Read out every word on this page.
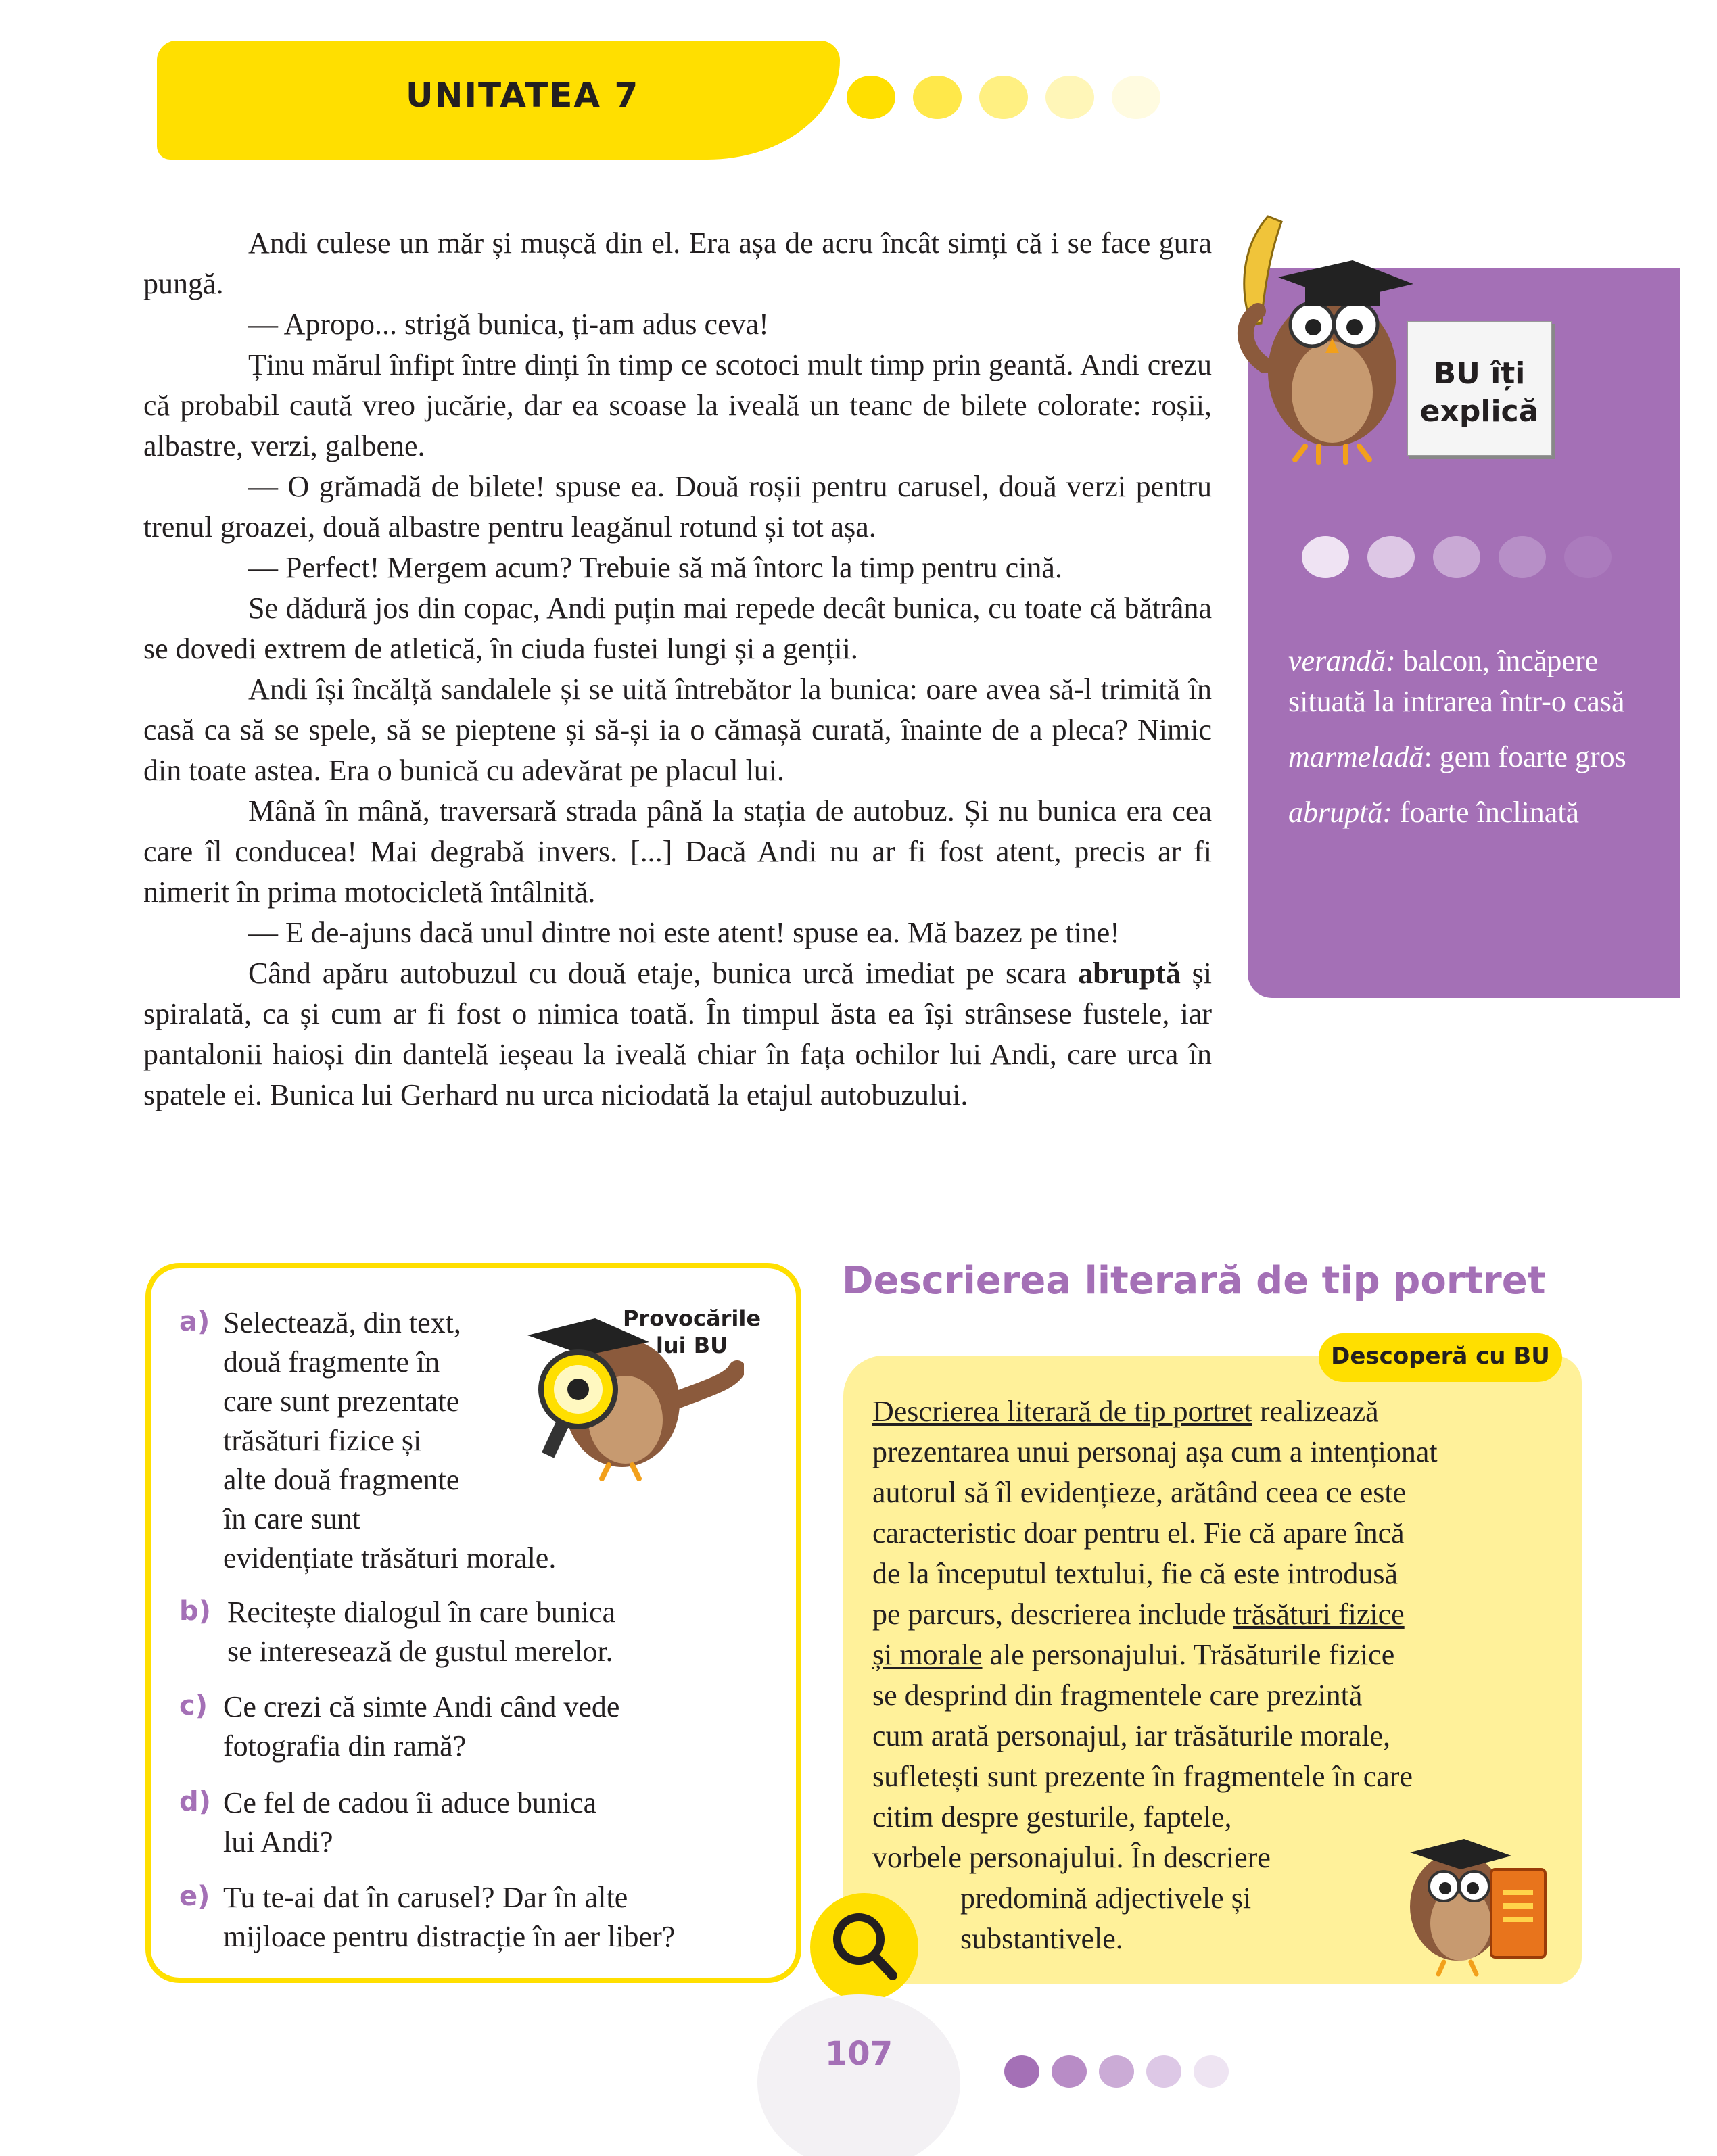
UNITATEA 7

Andi culese un măr și mușcă din el. Era așa de acru încât simți că i se face gura pungă.

— Apropo... strigă bunica, ți-am adus ceva!

Ținu mărul înfipt între dinți în timp ce scotoci mult timp prin geantă. Andi crezu că probabil caută vreo jucărie, dar ea scoase la iveală un teanc de bilete colorate: roșii, albastre, verzi, galbene.

— O grămadă de bilete! spuse ea. Două roșii pentru carusel, două verzi pentru trenul groazei, două albastre pentru leagănul rotund și tot așa.

— Perfect! Mergem acum? Trebuie să mă întorc la timp pentru cină.

Se dădură jos din copac, Andi puțin mai repede decât bunica, cu toate că bătrâna se dovedi extrem de atletică, în ciuda fustei lungi și a genții.

Andi își încălță sandalele și se uită întrebător la bunica: oare avea să-l trimită în casă ca să se spele, să se pieptene și să-și ia o cămașă curată, înainte de a pleca? Nimic din toate astea. Era o bunică cu adevărat pe placul lui.

Mână în mână, traversară strada până la stația de autobuz. Și nu bunica era cea care îl conducea! Mai degrabă invers. [...] Dacă Andi nu ar fi fost atent, precis ar fi nimerit în prima motocicletă întâlnită.

— E de-ajuns dacă unul dintre noi este atent! spuse ea. Mă bazez pe tine!

Când apăru autobuzul cu două etaje, bunica urcă imediat pe scara abruptă și spiralată, ca și cum ar fi fost o nimica toată. În timpul ăsta ea își strânsese fustele, iar pantalonii haioși din dantelă ieșeau la iveală chiar în fața ochilor lui Andi, care urca în spatele ei. Bunica lui Gerhard nu urca niciodată la etajul autobuzului.

BU îți
explică

verandă: balcon, încăpere situată la intrarea într-o casă

marmeladă: gem foarte gros

abruptă: foarte înclinată

Provocările
lui BU
a) Selectează, din text,
două fragmente în
care sunt prezentate
trăsături fizice și
alte două fragmente
în care sunt
evidențiate trăsături morale.
b) Recitește dialogul în care bunica
se interesează de gustul merelor.
c) Ce crezi că simte Andi când vede
fotografia din ramă?
d) Ce fel de cadou îi aduce bunica
lui Andi?
e) Tu te-ai dat în carusel? Dar în alte
mijloace pentru distracție în aer liber?
Descrierea literară de tip portret
Descoperă cu BU
Descrierea literară de tip portret realizează
prezentarea unui personaj așa cum a intenționat
autorul să îl evidențieze, arătând ceea ce este
caracteristic doar pentru el. Fie că apare încă
de la începutul textului, fie că este introdusă
pe parcurs, descrierea include trăsături fizice
și morale ale personajului. Trăsăturile fizice
se desprind din fragmentele care prezintă
cum arată personajul, iar trăsăturile morale,
sufletești sunt prezente în fragmentele în care
citim despre gesturile, faptele,
vorbele personajului. În descriere
predomină adjectivele și
substantivele.
107
